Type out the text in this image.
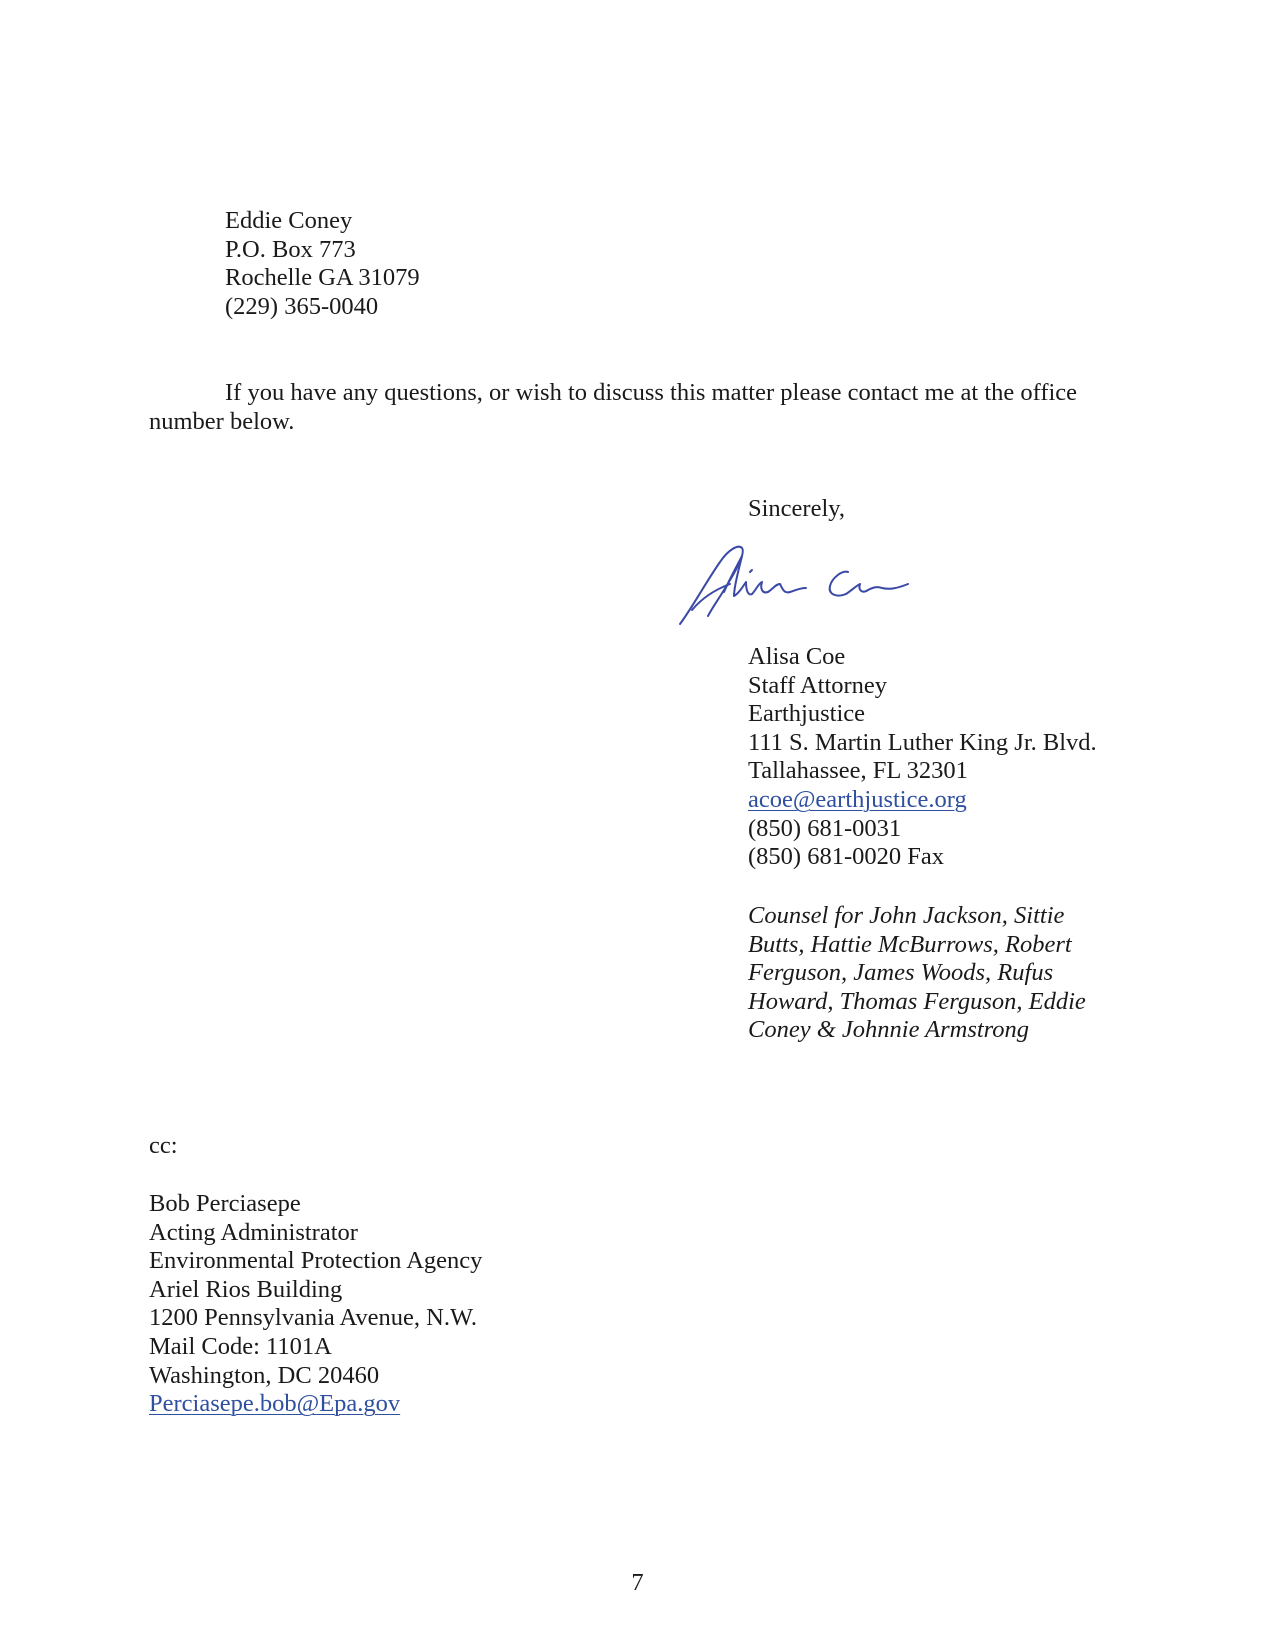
Eddie Coney
P.O. Box 773
Rochelle GA 31079
(229) 365-0040
If you have any questions, or wish to discuss this matter please contact me at the office
number below.
Sincerely,
Alisa Coe
Staff Attorney
Earthjustice
111 S. Martin Luther King Jr. Blvd.
Tallahassee, FL 32301
acoe@earthjustice.org
(850) 681-0031
(850) 681-0020 Fax
Counsel for John Jackson, Sittie
Butts, Hattie McBurrows, Robert
Ferguson, James Woods, Rufus
Howard, Thomas Ferguson, Eddie
Coney & Johnnie Armstrong
cc:
Bob Perciasepe
Acting Administrator
Environmental Protection Agency
Ariel Rios Building
1200 Pennsylvania Avenue, N.W.
Mail Code: 1101A
Washington, DC 20460
Perciasepe.bob@Epa.gov
7
